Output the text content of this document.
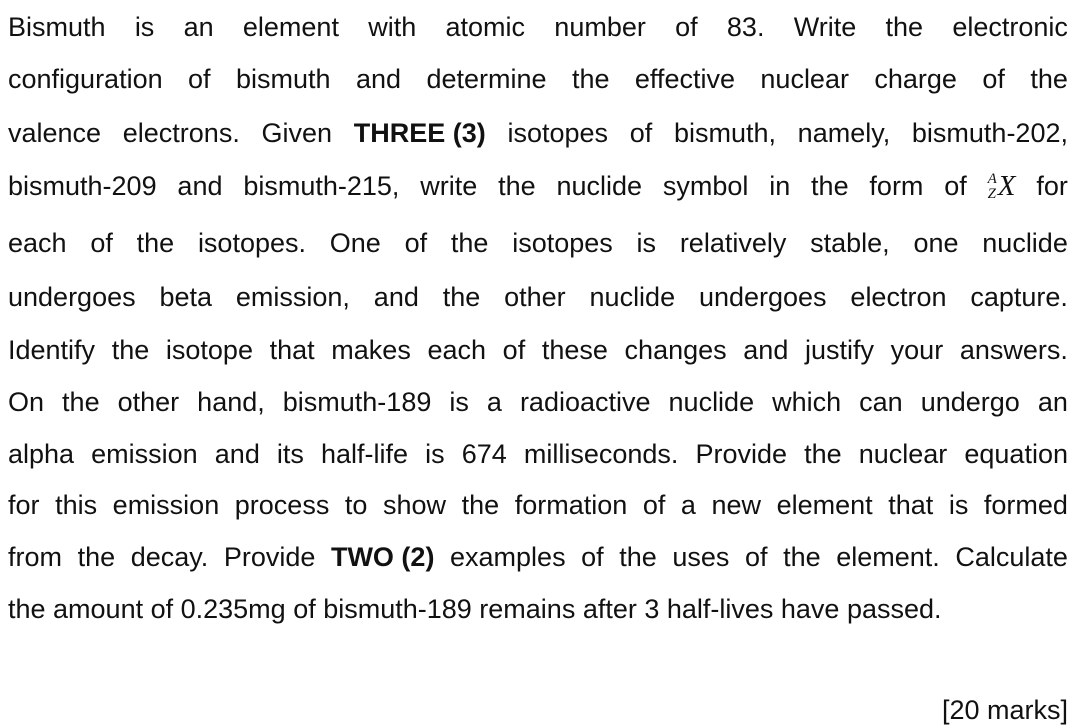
Bismuth is an element with atomic number of 83. Write the electronic
configuration of bismuth and determine the effective nuclear charge of the
valence electrons. Given THREE (3) isotopes of bismuth, namely, bismuth-202,
bismuth-209 and bismuth-215, write the nuclide symbol in the form of A
Z X for
each of the isotopes. One of the isotopes is relatively stable, one nuclide
undergoes beta emission, and the other nuclide undergoes electron capture.
Identify the isotope that makes each of these changes and justify your answers.
On the other hand, bismuth-189 is a radioactive nuclide which can undergo an
alpha emission and its half-life is 674 milliseconds. Provide the nuclear equation
for this emission process to show the formation of a new element that is formed
from the decay. Provide TWO (2) examples of the uses of the element. Calculate
the amount of 0.235mg of bismuth-189 remains after 3 half-lives have passed.
[20 marks]
